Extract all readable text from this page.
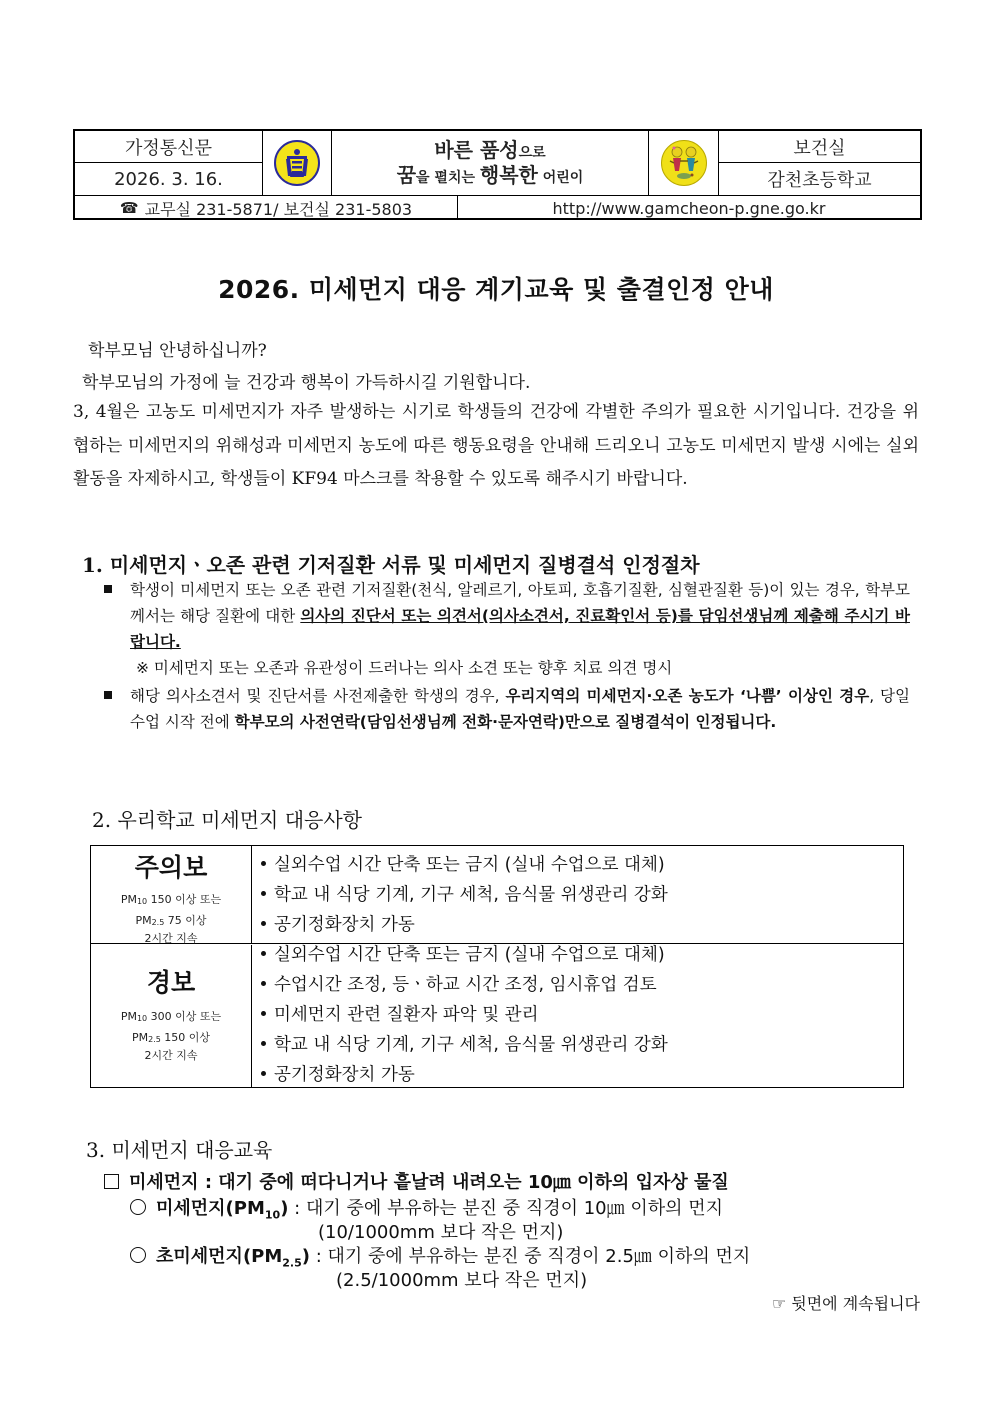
가정통신문
2026. 3. 16.
바른 품성으로
꿈을 펼치는 행복한 어린이
보건실
감천초등학교
☎ 교무실 231-5871/ 보건실 231-5803	http://www.gamcheon-p.gne.go.kr
2026. 미세먼지 대응 계기교육 및 출결인정 안내
학부모님 안녕하십니까?
학부모님의 가정에 늘 건강과 행복이 가득하시길 기원합니다.
3, 4월은 고농도 미세먼지가 자주 발생하는 시기로 학생들의 건강에 각별한 주의가 필요한 시기입니다. 건강을 위협하는 미세먼지의 위해성과 미세먼지 농도에 따른 행동요령을 안내해 드리오니 고농도 미세먼지 발생 시에는 실외활동을 자제하시고, 학생들이 KF94 마스크를 착용할 수 있도록 해주시기 바랍니다.
1. 미세먼지ㆍ오존 관련 기저질환 서류 및 미세먼지 질병결석 인정절차
학생이 미세먼지 또는 오존 관련 기저질환(천식, 알레르기, 아토피, 호흡기질환, 심혈관질환 등)이 있는 경우, 학부모께서는 해당 질환에 대한 의사의 진단서 또는 의견서(의사소견서, 진료확인서 등)를 담임선생님께 제출해 주시기 바랍니다.
※ 미세먼지 또는 오존과 유관성이 드러나는 의사 소견 또는 향후 치료 의견 명시
해당 의사소견서 및 진단서를 사전제출한 학생의 경우, 우리지역의 미세먼지·오존 농도가 ‘나쁨’ 이상인 경우, 당일 수업 시작 전에 학부모의 사전연락(담임선생님께 전화·문자연락)만으로 질병결석이 인정됩니다.
2. 우리학교 미세먼지 대응사항
주의보
$PM_{10}$ 150 이상 또는
$PM_{2.5}$ 75 이상
2시간 지속
실외수업 시간 단축 또는 금지 (실내 수업으로 대체)
학교 내 식당 기계, 기구 세척, 음식물 위생관리 강화
공기정화장치 가동
경보
$PM_{10}$ 300 이상 또는
$PM_{2.5}$ 150 이상
2시간 지속
실외수업 시간 단축 또는 금지 (실내 수업으로 대체)
수업시간 조정, 등ㆍ하교 시간 조정, 임시휴업 검토
미세먼지 관련 질환자 파악 및 관리
학교 내 식당 기계, 기구 세척, 음식물 위생관리 강화
공기정화장치 가동
3. 미세먼지 대응교육
미세먼지 : 대기 중에 떠다니거나 흩날려 내려오는 10㎛ 이하의 입자상 물질
미세먼지$(PM_{10})$ : 대기 중에 부유하는 분진 중 직경이 10㎛ 이하의 먼지
(10/1000mm 보다 작은 먼지)
초미세먼지$(PM_{2.5})$ : 대기 중에 부유하는 분진 중 직경이 2.5㎛ 이하의 먼지
(2.5/1000mm 보다 작은 먼지)
☞ 뒷면에 계속됩니다
